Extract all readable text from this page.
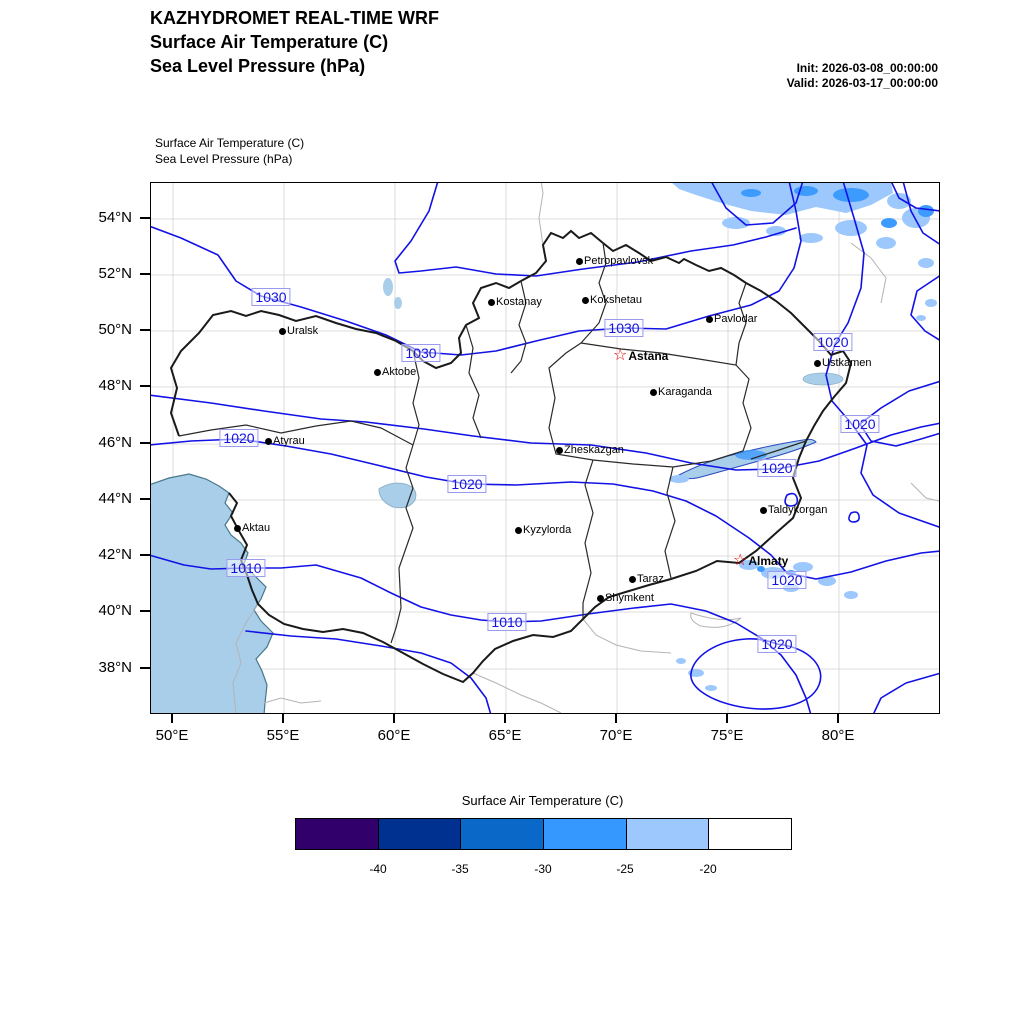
KAZHYDROMET REAL-TIME WRF
Surface Air Temperature (C)
Sea Level Pressure (hPa)	Init: 2026-03-08_00:00:00
Valid: 2026-03-17_00:00:00
Surface Air Temperature (C)
Sea Level Pressure (hPa)
1030
1030
1030
1020
1020
1020
1020
1020
1010
1020
1010
1020
Petropavlovsk
Kostanay	Kokshetau
Pavlodar
Uralsk
☆ Astana	Ustkamen
Aktobe
Karaganda
Atyrau
Zheskazgan
Taldykorgan
Aktau	Kyzylorda
☆ Almaty
Taraz
Shymkent
54°N
52°N
50°N
48°N
46°N
44°N
42°N
40°N
38°N
50°E	55°E	60°E	65°E	70°E	75°E	80°E
Surface Air Temperature (C)
-40	-35	-30	-25	-20
